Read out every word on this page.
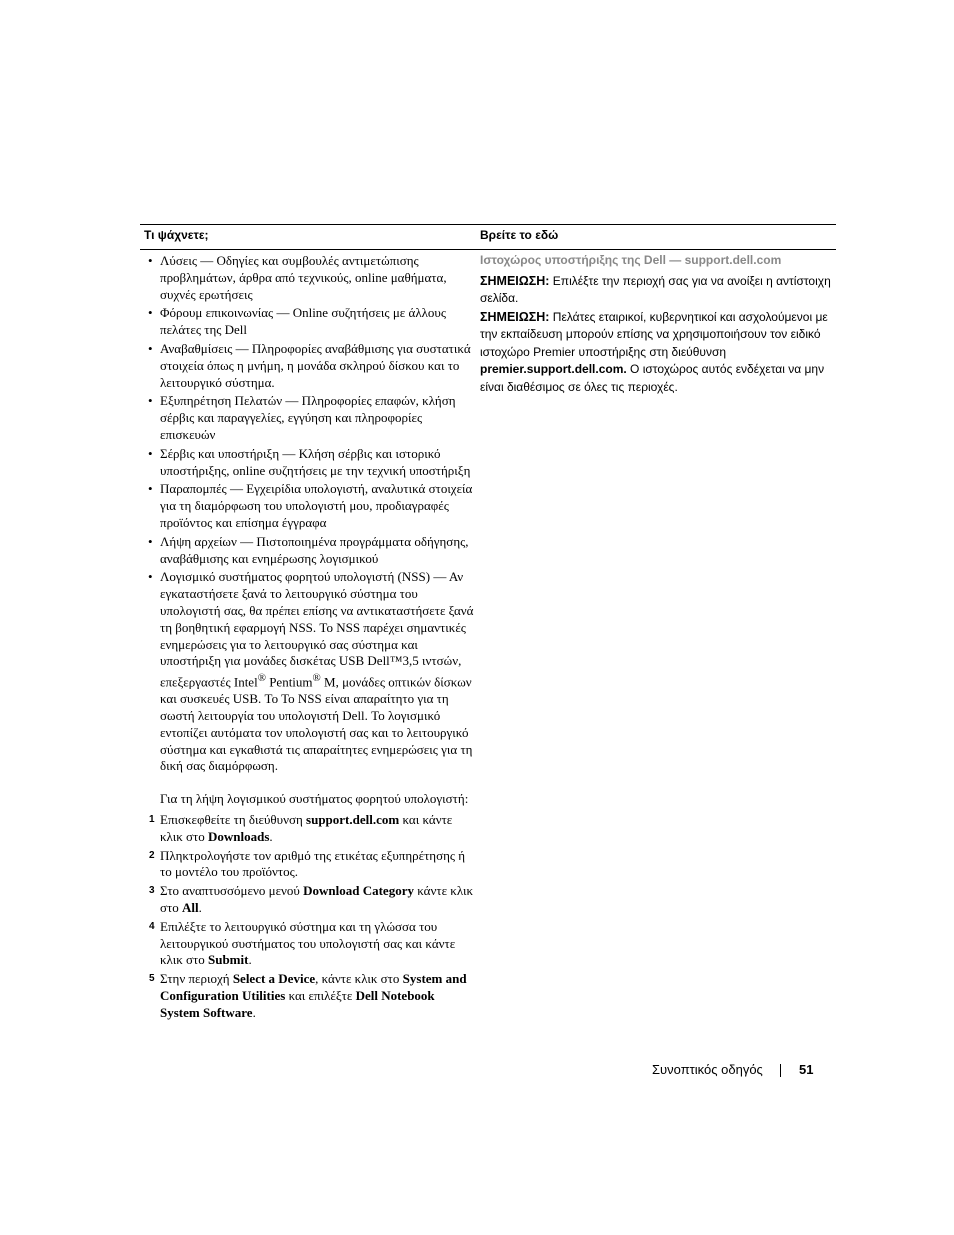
Τι ψάχνετε;	Βρείτε το εδώ
• Λύσεις — Οδηγίες και συμβουλές αντιμετώπισης προβλημάτων, άρθρα από τεχνικούς, online μαθήματα, συχνές ερωτήσεις
• Φόρουμ επικοινωνίας — Online συζητήσεις με άλλους πελάτες της Dell
• Αναβαθμίσεις — Πληροφορίες αναβάθμισης για συστατικά στοιχεία όπως η μνήμη, η μονάδα σκληρού δίσκου και το λειτουργικό σύστημα.
• Εξυπηρέτηση Πελατών — Πληροφορίες επαφών, κλήση σέρβις και παραγγελίες, εγγύηση και πληροφορίες επισκευών
• Σέρβις και υποστήριξη — Κλήση σέρβις και ιστορικό υποστήριξης, online συζητήσεις με την τεχνική υποστήριξη
• Παραπομπές — Εγχειρίδια υπολογιστή, αναλυτικά στοιχεία για τη διαμόρφωση του υπολογιστή μου, προδιαγραφές προϊόντος και επίσημα έγγραφα
• Λήψη αρχείων — Πιστοποιημένα προγράμματα οδήγησης, αναβάθμισης και ενημέρωσης λογισμικού
• Λογισμικό συστήματος φορητού υπολογιστή (NSS) — Αν εγκαταστήσετε ξανά το λειτουργικό σύστημα του υπολογιστή σας, θα πρέπει επίσης να αντικαταστήσετε ξανά τη βοηθητική εφαρμογή NSS. Το NSS παρέχει σημαντικές ενημερώσεις για το λειτουργικό σας σύστημα και υποστήριξη για μονάδες δισκέτας USB Dell™3,5 ιντσών, επεξεργαστές Intel® Pentium® M, μονάδες οπτικών δίσκων και συσκευές USB. Το Το NSS είναι απαραίτητο για τη σωστή λειτουργία του υπολογιστή Dell. Το λογισμικό εντοπίζει αυτόματα τον υπολογιστή σας και το λειτουργικό σύστημα και εγκαθιστά τις απαραίτητες ενημερώσεις για τη δική σας διαμόρφωση.
Για τη λήψη λογισμικού συστήματος φορητού υπολογιστή:
1 Επισκεφθείτε τη διεύθυνση support.dell.com και κάντε κλικ στο Downloads.
2 Πληκτρολογήστε τον αριθμό της ετικέτας εξυπηρέτησης ή το μοντέλο του προϊόντος.
3 Στο αναπτυσσόμενο μενού Download Category κάντε κλικ στο All.
4 Επιλέξτε το λειτουργικό σύστημα και τη γλώσσα του λειτουργικού συστήματος του υπολογιστή σας και κάντε κλικ στο Submit.
5 Στην περιοχή Select a Device, κάντε κλικ στο System and Configuration Utilities και επιλέξτε Dell Notebook System Software.
Ιστοχώρος υποστήριξης της Dell — support.dell.com
ΣΗΜΕΙΩΣΗ: Επιλέξτε την περιοχή σας για να ανοίξει η αντίστοιχη σελίδα.
ΣΗΜΕΙΩΣΗ: Πελάτες εταιρικοί, κυβερνητικοί και ασχολούμενοι με την εκπαίδευση μπορούν επίσης να χρησιμοποιήσουν τον ειδικό ιστοχώρο Premier υποστήριξης στη διεύθυνση premier.support.dell.com. Ο ιστοχώρος αυτός ενδέχεται να μην είναι διαθέσιμος σε όλες τις περιοχές.
Συνοπτικός οδηγός	51
